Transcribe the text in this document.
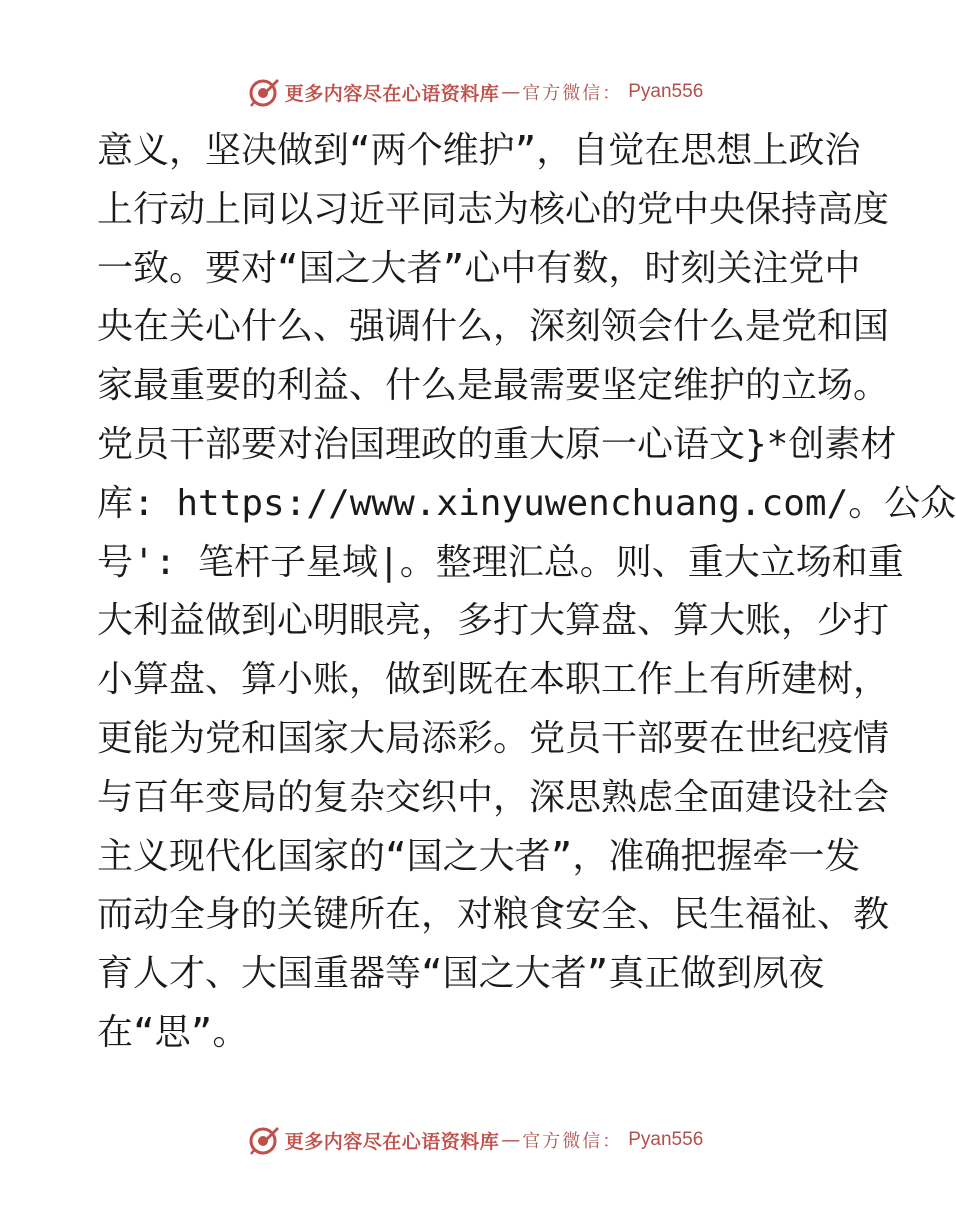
更多内容尽在心语资料库 — 官方微信： Pyan556
意义，坚决做到“两个维护”，自觉在思想上政治
上行动上同以习近平同志为核心的党中央保持高度
一致。要对“国之大者”心中有数，时刻关注党中
央在关心什么、强调什么，深刻领会什么是党和国
家最重要的利益、什么是最需要坚定维护的立场。
党员干部要对治国理政的重大原一心语文}*创素材
库: https://www.xinyuwenchuang.com/。公众
号': 笔杆子星域|。整理汇总。则、重大立场和重
大利益做到心明眼亮，多打大算盘、算大账，少打
小算盘、算小账，做到既在本职工作上有所建树，
更能为党和国家大局添彩。党员干部要在世纪疫情
与百年变局的复杂交织中，深思熟虑全面建设社会
主义现代化国家的“国之大者”，准确把握牵一发
而动全身的关键所在，对粮食安全、民生福祉、教
育人才、大国重器等“国之大者”真正做到夙夜
在“思”。
更多内容尽在心语资料库 — 官方微信： Pyan556
